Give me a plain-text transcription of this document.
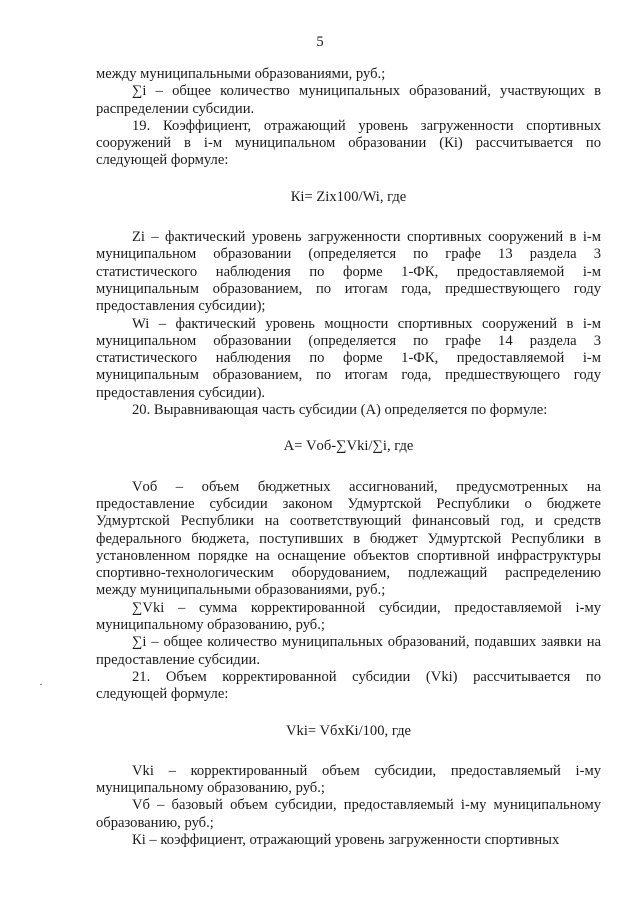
5

между муниципальными образованиями, руб.;

∑i – общее количество муниципальных образований, участвующих в распределении субсидии.

19. Коэффициент, отражающий уровень загруженности спортивных сооружений в i-м муниципальном образовании (Кi) рассчитывается по следующей формуле:

Кi= Zix100/Wi, где

Zi – фактический уровень загруженности спортивных сооружений в i-м муниципальном образовании (определяется по графе 13 раздела 3 статистического наблюдения по форме 1-ФК, предоставляемой i-м муниципальным образованием, по итогам года, предшествующего году предоставления субсидии);

Wi – фактический уровень мощности спортивных сооружений в i-м муниципальном образовании (определяется по графе 14 раздела 3 статистического наблюдения по форме 1-ФК, предоставляемой i-м муниципальным образованием, по итогам года, предшествующего году предоставления субсидии).

20. Выравнивающая часть субсидии (А) определяется по формуле:

А= Vоб-∑Vki/∑i, где

Vоб – объем бюджетных ассигнований, предусмотренных на предоставление субсидии законом Удмуртской Республики о бюджете Удмуртской Республики на соответствующий финансовый год, и средств федерального бюджета, поступивших в бюджет Удмуртской Республики в установленном порядке на оснащение объектов спортивной инфраструктуры спортивно-технологическим оборудованием, подлежащий распределению между муниципальными образованиями, руб.;

∑Vki – сумма корректированной субсидии, предоставляемой i-му муниципальному образованию, руб.;

∑i – общее количество муниципальных образований, подавших заявки на предоставление субсидии.

21. Объем корректированной субсидии (Vki) рассчитывается по следующей формуле:

Vki= VбxКi/100, где

Vki – корректированный объем субсидии, предоставляемый i-му муниципальному образованию, руб.;

Vб – базовый объем субсидии, предоставляемый i-му муниципальному образованию, руб.;

Кi – коэффициент, отражающий уровень загруженности спортивных
